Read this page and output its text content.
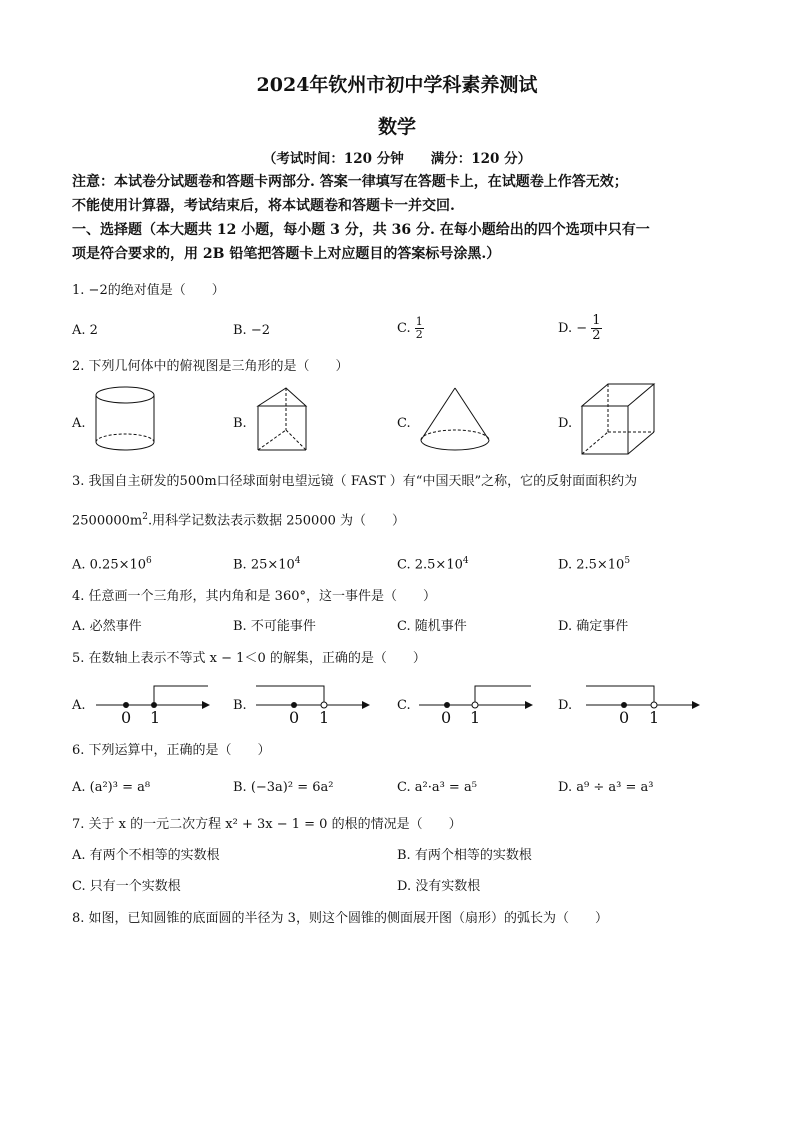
2024年钦州市初中学科素养测试
数学
（考试时间：120 分钟　　满分：120 分）
注意：本试卷分试题卷和答题卡两部分. 答案一律填写在答题卡上，在试题卷上作答无效；
不能使用计算器，考试结束后，将本试题卷和答题卡一并交回.
一、选择题（本大题共 12 小题，每小题 3 分，共 36 分. 在每小题给出的四个选项中只有一
项是符合要求的，用 2B 铅笔把答题卡上对应题目的答案标号涂黑.）
1. −2的绝对值是（　　）
A. 2	B. −2	C. $\frac{1}{2}$	D. − $\frac{1}{2}$
2. 下列几何体中的俯视图是三角形的是（　　）
A.	B.	C.	D.
3. 我国自主研发的500m口径球面射电望远镜（ FAST ）有“中国天眼”之称，它的反射面面积约为
$2500000m^2$.用科学记数法表示数据 250000 为（　　）
A. $0.25\times 10^6$	B. $25\times 10^4$	C. $2.5\times 10^4$	D. $2.5\times 10^5$
4. 任意画一个三角形，其内角和是 360°，这一事件是（　　）
A. 必然事件	B. 不可能事件	C. 随机事件	D. 确定事件
5. 在数轴上表示不等式 x − 1＜0 的解集，正确的是（　　）
A.	B.	C.	D.
0 1	0 1	0 1	0 1
6. 下列运算中，正确的是（　　）
A. (a²)³ = a⁸	B. (−3a)² = 6a²	C. a²·a³ = a⁵	D. a⁹ ÷ a³ = a³
7. 关于 x 的一元二次方程 x² + 3x − 1 = 0 的根的情况是（　　）
A. 有两个不相等的实数根	B. 有两个相等的实数根
C. 只有一个实数根	D. 没有实数根
8. 如图，已知圆锥的底面圆的半径为 3，则这个圆锥的侧面展开图（扇形）的弧长为（　　）
